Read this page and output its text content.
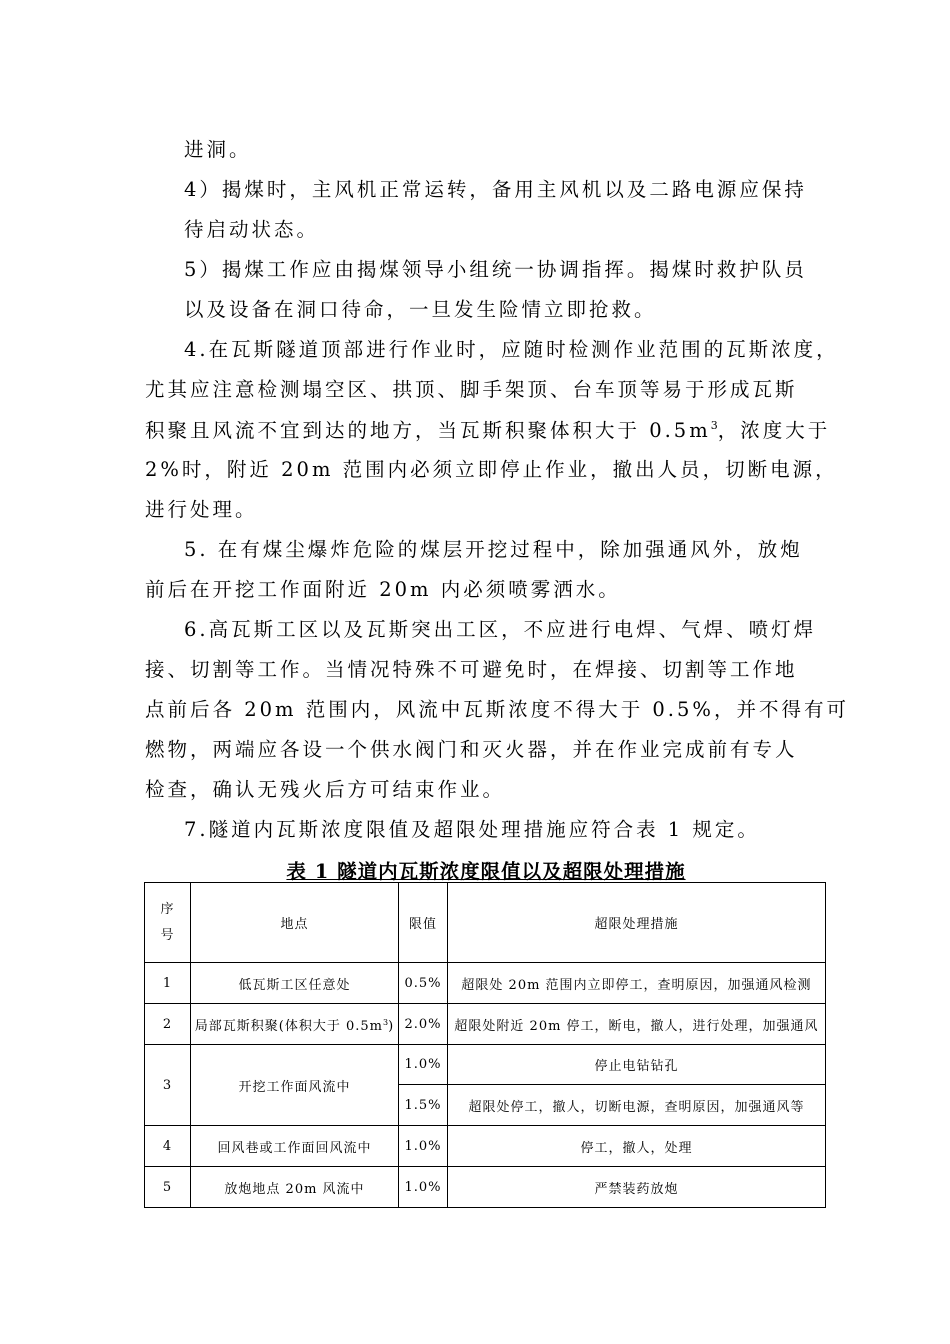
进洞。
4）揭煤时，主风机正常运转，备用主风机以及二路电源应保持
待启动状态。
5）揭煤工作应由揭煤领导小组统一协调指挥。揭煤时救护队员
以及设备在洞口待命，一旦发生险情立即抢救。
4.在瓦斯隧道顶部进行作业时，应随时检测作业范围的瓦斯浓度，
尤其应注意检测塌空区、拱顶、脚手架顶、台车顶等易于形成瓦斯
积聚且风流不宜到达的地方，当瓦斯积聚体积大于 $0.5m^3$，浓度大于
2%时，附近 20m 范围内必须立即停止作业，撤出人员，切断电源，
进行处理。
5. 在有煤尘爆炸危险的煤层开挖过程中，除加强通风外，放炮
前后在开挖工作面附近 20m 内必须喷雾洒水。
6.高瓦斯工区以及瓦斯突出工区，不应进行电焊、气焊、喷灯焊
接、切割等工作。当情况特殊不可避免时，在焊接、切割等工作地
点前后各 20m 范围内，风流中瓦斯浓度不得大于 0.5%，并不得有可
燃物，两端应各设一个供水阀门和灭火器，并在作业完成前有专人
检查，确认无残火后方可结束作业。
7.隧道内瓦斯浓度限值及超限处理措施应符合表 1 规定。
表 1 隧道内瓦斯浓度限值以及超限处理措施
序
号	地点	限值	超限处理措施
1	低瓦斯工区任意处	0.5%	超限处 20m 范围内立即停工，查明原因，加强通风检测
2	局部瓦斯积聚(体积大于 $0.5m^3$)	2.0%	超限处附近 20m 停工，断电，撤人，进行处理，加强通风
3	开挖工作面风流中	1.0%	停止电钻钻孔
		1.5%	超限处停工，撤人，切断电源，查明原因，加强通风等
4	回风巷或工作面回风流中	1.0%	停工，撤人，处理
5	放炮地点 20m 风流中	1.0%	严禁装药放炮
